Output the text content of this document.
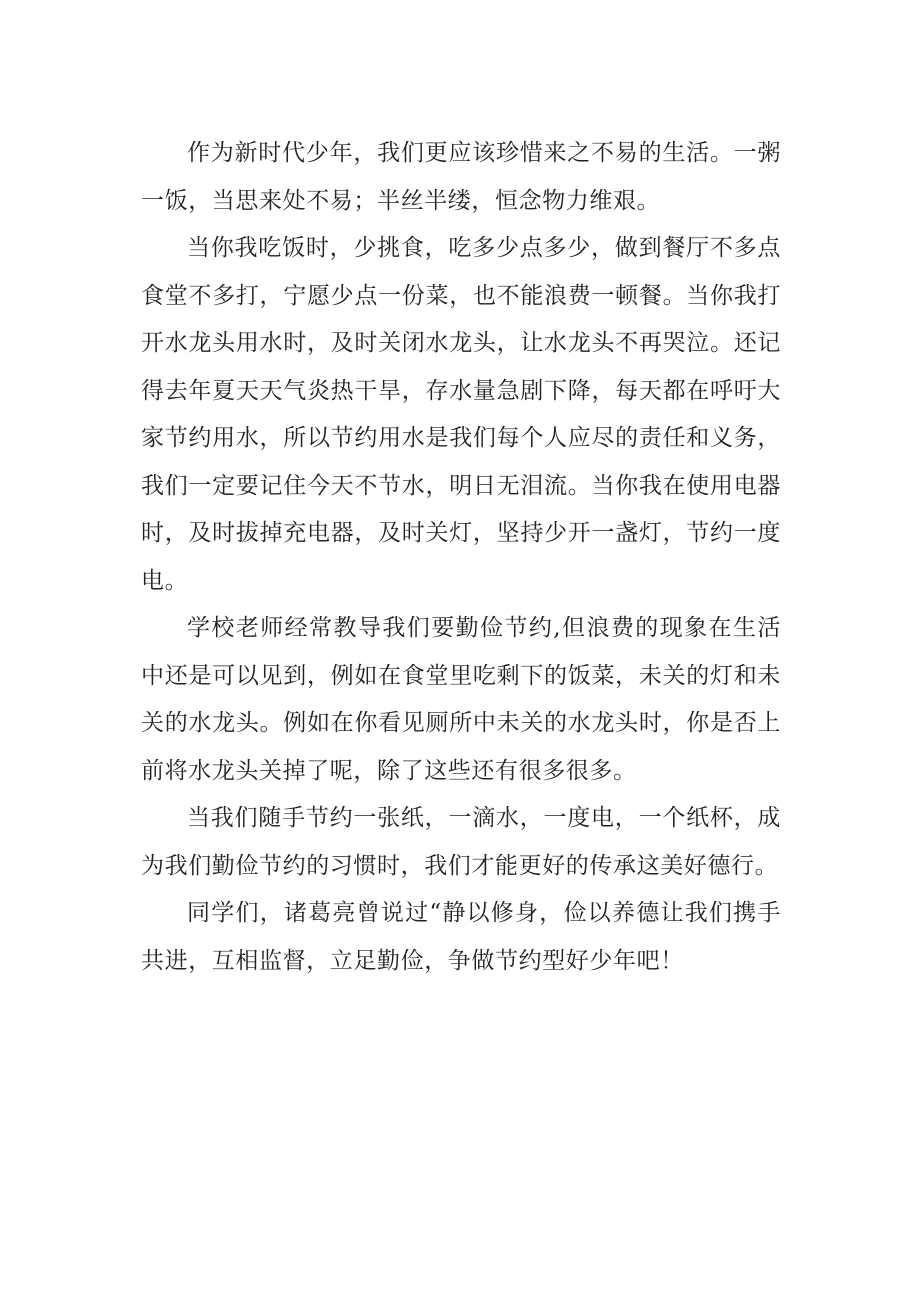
作为新时代少年，我们更应该珍惜来之不易的生活。一粥一饭，当思来处不易；半丝半缕，恒念物力维艰。

当你我吃饭时，少挑食，吃多少点多少，做到餐厅不多点食堂不多打，宁愿少点一份菜，也不能浪费一顿餐。当你我打开水龙头用水时，及时关闭水龙头，让水龙头不再哭泣。还记得去年夏天天气炎热干旱，存水量急剧下降，每天都在呼吁大家节约用水，所以节约用水是我们每个人应尽的责任和义务，我们一定要记住今天不节水，明日无泪流。当你我在使用电器时，及时拔掉充电器，及时关灯，坚持少开一盏灯，节约一度电。

学校老师经常教导我们要勤俭节约,但浪费的现象在生活中还是可以见到，例如在食堂里吃剩下的饭菜，未关的灯和未关的水龙头。例如在你看见厕所中未关的水龙头时，你是否上前将水龙头关掉了呢，除了这些还有很多很多。

当我们随手节约一张纸，一滴水，一度电，一个纸杯，成为我们勤俭节约的习惯时，我们才能更好的传承这美好德行。

同学们，诸葛亮曾说过“静以修身，俭以养德让我们携手共进，互相监督，立足勤俭，争做节约型好少年吧！
